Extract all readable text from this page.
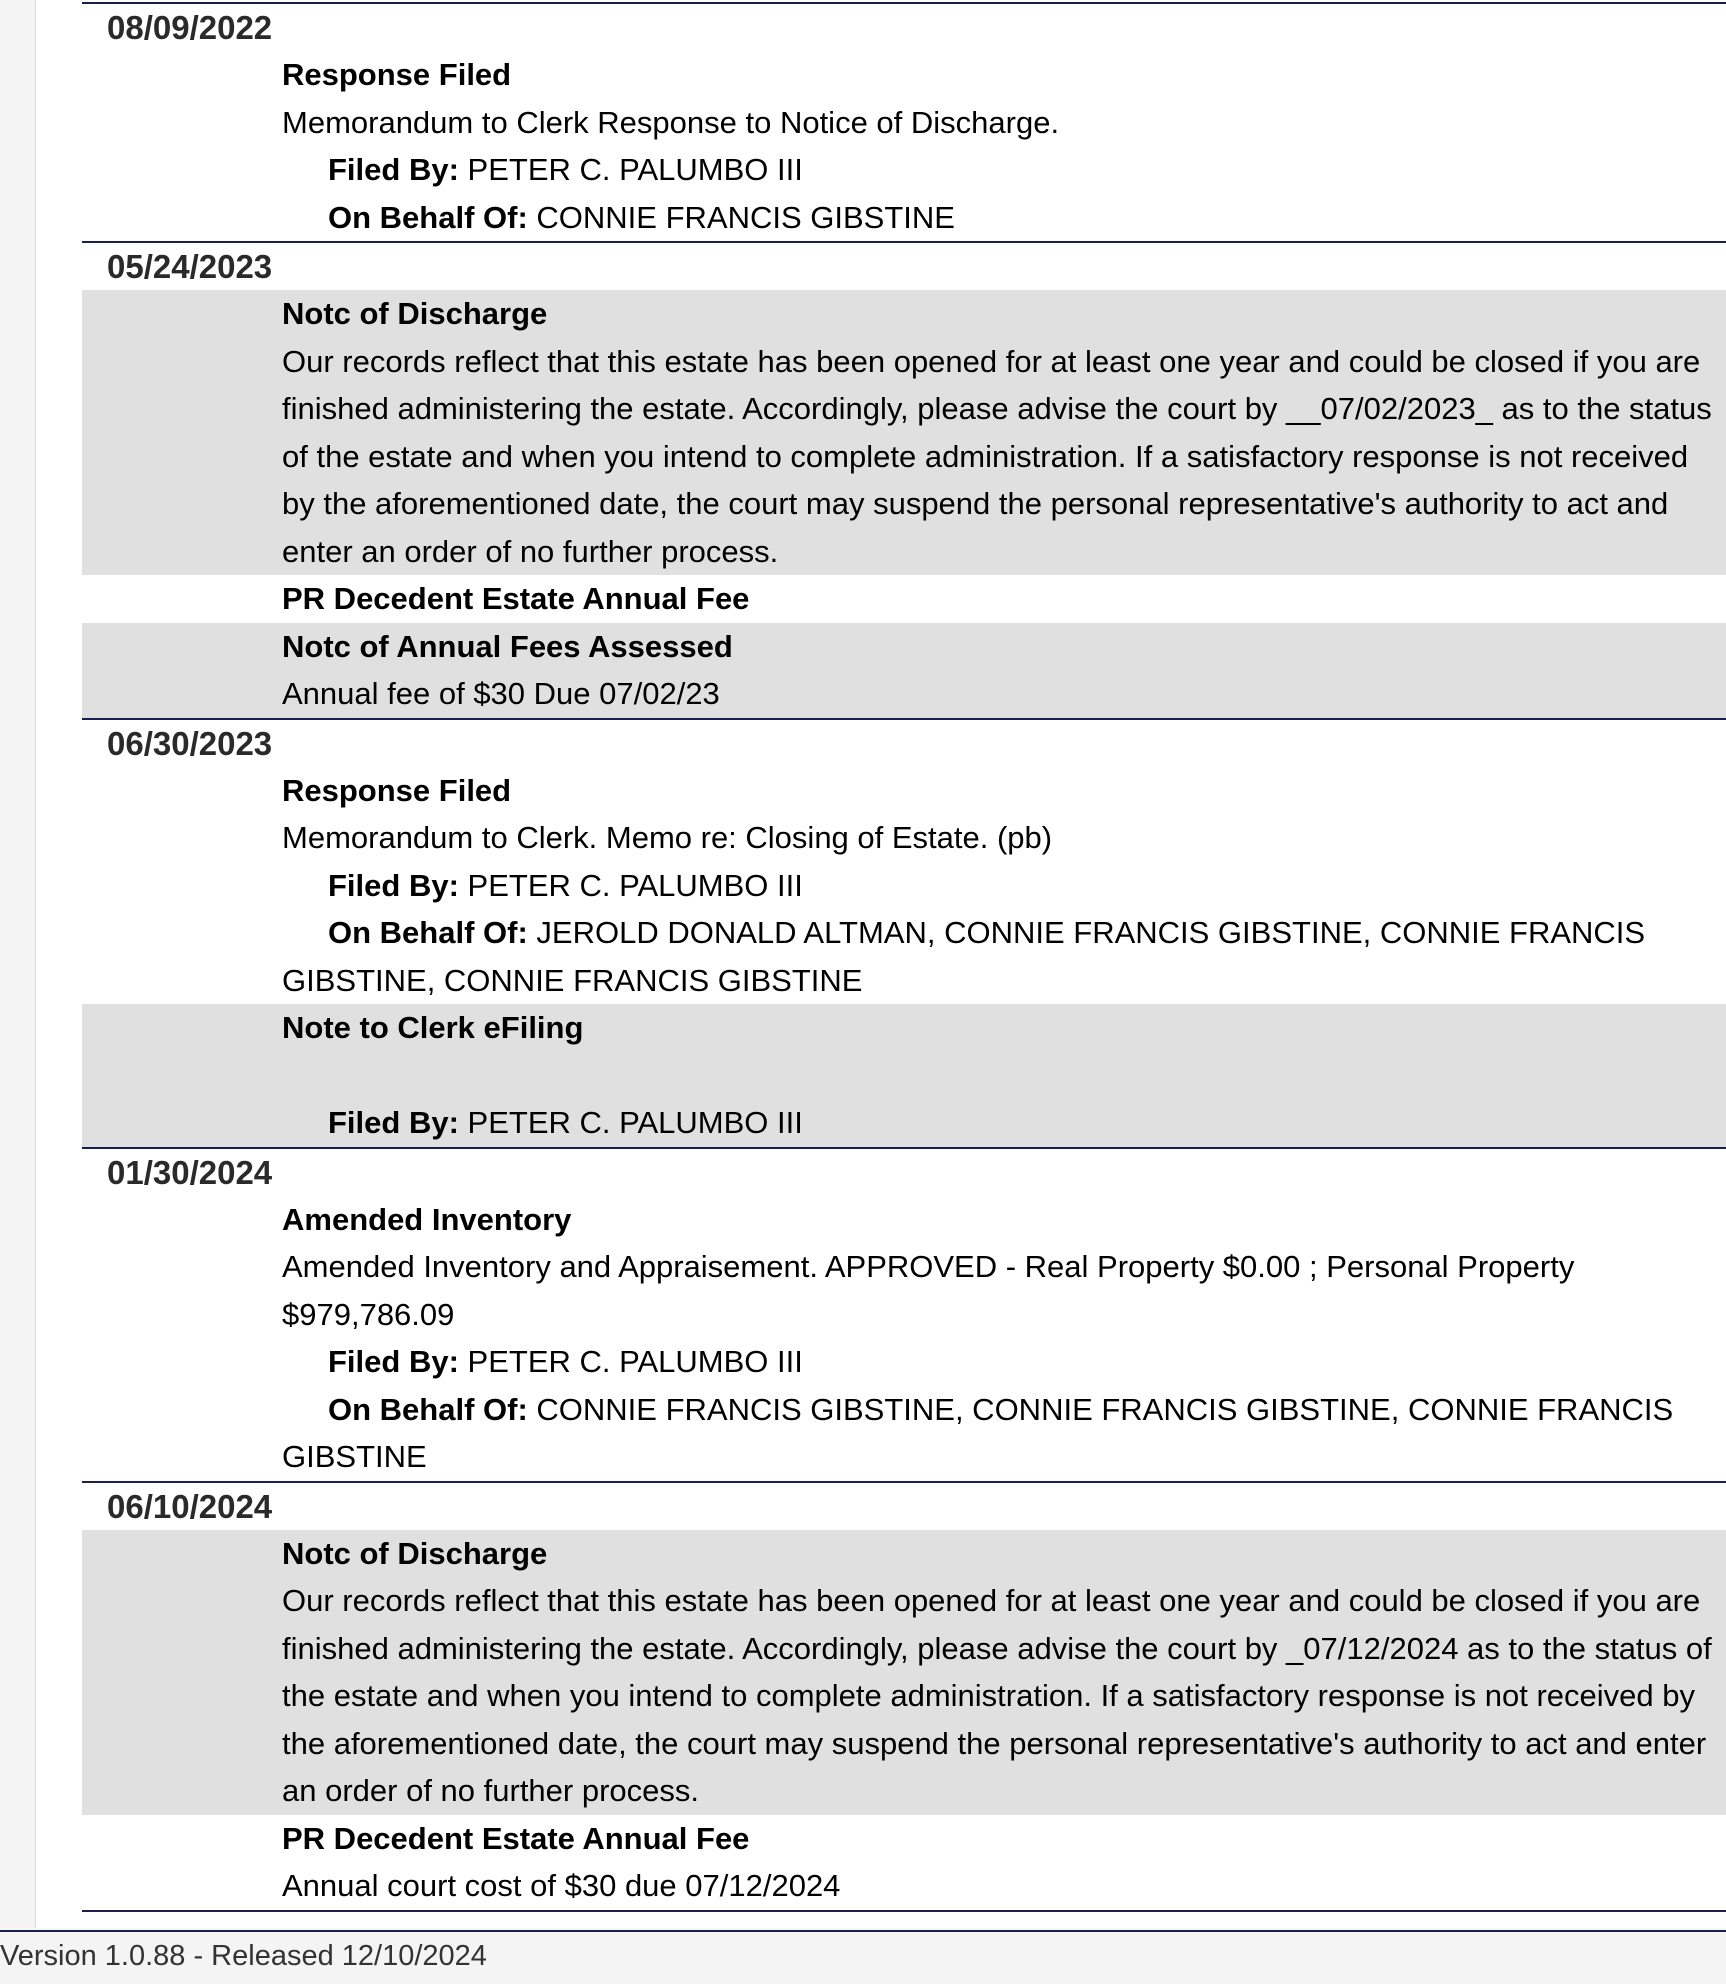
08/09/2022
Response Filed
Memorandum to Clerk Response to Notice of Discharge.
Filed By: PETER C. PALUMBO III
On Behalf Of: CONNIE FRANCIS GIBSTINE
05/24/2023
Notc of Discharge
Our records reflect that this estate has been opened for at least one year and could be closed if you are finished administering the estate. Accordingly, please advise the court by __07/02/2023_ as to the status of the estate and when you intend to complete administration. If a satisfactory response is not received by the aforementioned date, the court may suspend the personal representative's authority to act and enter an order of no further process.
PR Decedent Estate Annual Fee
Notc of Annual Fees Assessed
Annual fee of $30 Due 07/02/23
06/30/2023
Response Filed
Memorandum to Clerk. Memo re: Closing of Estate. (pb)
Filed By: PETER C. PALUMBO III
On Behalf Of: JEROLD DONALD ALTMAN, CONNIE FRANCIS GIBSTINE, CONNIE FRANCIS GIBSTINE, CONNIE FRANCIS GIBSTINE
Note to Clerk eFiling
Filed By: PETER C. PALUMBO III
01/30/2024
Amended Inventory
Amended Inventory and Appraisement. APPROVED - Real Property $0.00 ; Personal Property $979,786.09
Filed By: PETER C. PALUMBO III
On Behalf Of: CONNIE FRANCIS GIBSTINE, CONNIE FRANCIS GIBSTINE, CONNIE FRANCIS GIBSTINE
06/10/2024
Notc of Discharge
Our records reflect that this estate has been opened for at least one year and could be closed if you are finished administering the estate. Accordingly, please advise the court by _07/12/2024 as to the status of the estate and when you intend to complete administration. If a satisfactory response is not received by the aforementioned date, the court may suspend the personal representative's authority to act and enter an order of no further process.
PR Decedent Estate Annual Fee
Annual court cost of $30 due 07/12/2024
Version 1.0.88 - Released 12/10/2024
